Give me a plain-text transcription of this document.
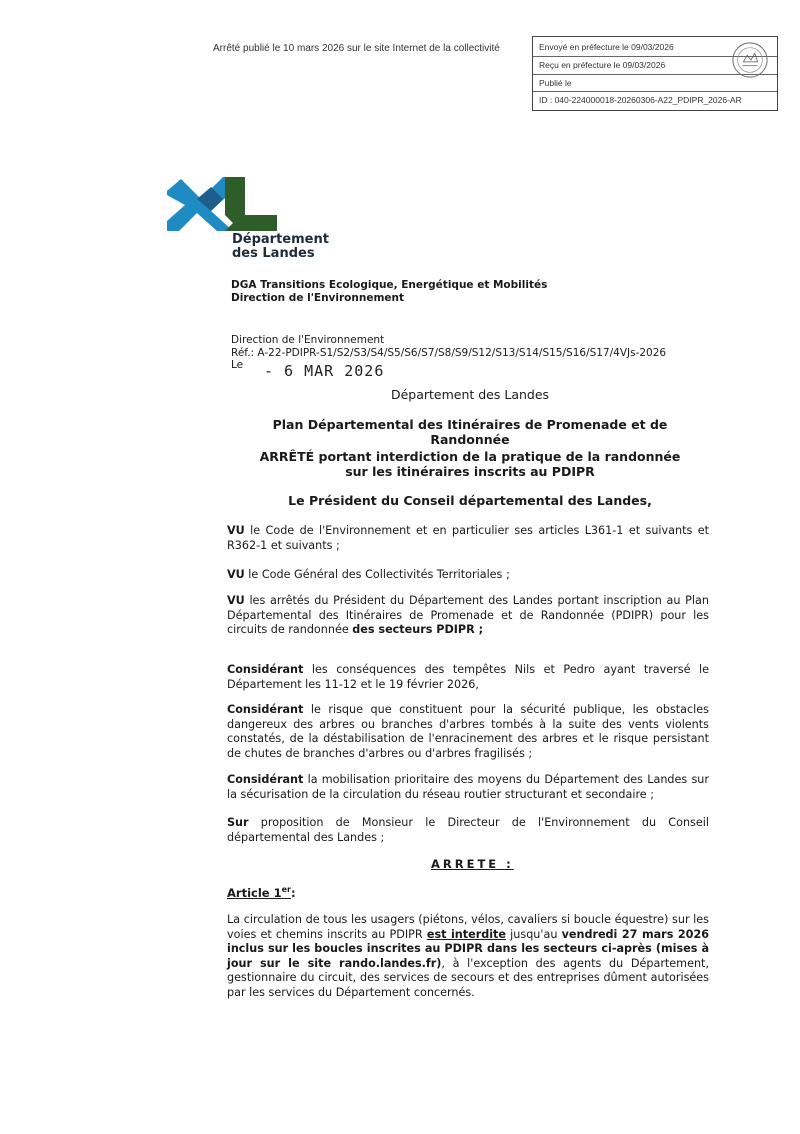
Arrêté publié le 10 mars 2026 sur le site Internet de la collectivité	Envoyé en préfecture le 09/03/2026
Reçu en préfecture le 09/03/2026
Publié le
ID : 040-224000018-20260306-A22_PDIPR_2026-AR
Département
des Landes
DGA Transitions Ecologique, Energétique et Mobilités
Direction de l'Environnement
Direction de l'Environnement
Réf.: A-22-PDIPR-S1/S2/S3/S4/S5/S6/S7/S8/S9/S12/S13/S14/S15/S16/S17/4VJs-2026
Le	- 6 MAR 2026
Département des Landes
Plan Départemental des Itinéraires de Promenade et de Randonnée
ARRÊTÉ portant interdiction de la pratique de la randonnée
sur les itinéraires inscrits au PDIPR
Le Président du Conseil départemental des Landes,
VU le Code de l'Environnement et en particulier ses articles L361-1 et suivants et R362-1 et suivants ;
VU le Code Général des Collectivités Territoriales ;
VU les arrêtés du Président du Département des Landes portant inscription au Plan Départemental des Itinéraires de Promenade et de Randonnée (PDIPR) pour les circuits de randonnée des secteurs PDIPR ;
Considérant les conséquences des tempêtes Nils et Pedro ayant traversé le Département les 11-12 et le 19 février 2026,
Considérant le risque que constituent pour la sécurité publique, les obstacles dangereux des arbres ou branches d'arbres tombés à la suite des vents violents constatés, de la déstabilisation de l'enracinement des arbres et le risque persistant de chutes de branches d'arbres ou d'arbres fragilisés ;
Considérant la mobilisation prioritaire des moyens du Département des Landes sur la sécurisation de la circulation du réseau routier structurant et secondaire ;
Sur proposition de Monsieur le Directeur de l'Environnement du Conseil départemental des Landes ;
ARRETE :
Article 1er:
La circulation de tous les usagers (piétons, vélos, cavaliers si boucle équestre) sur les voies et chemins inscrits au PDIPR est interdite jusqu'au vendredi 27 mars 2026 inclus sur les boucles inscrites au PDIPR dans les secteurs ci-après (mises à jour sur le site rando.landes.fr), à l'exception des agents du Département, gestionnaire du circuit, des services de secours et des entreprises dûment autorisées par les services du Département concernés.
